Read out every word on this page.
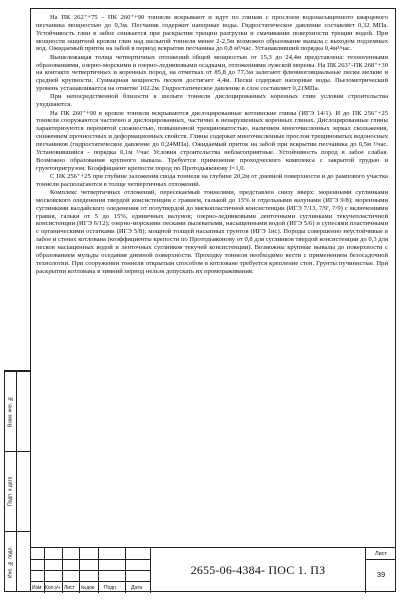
Взам. инв. №
Подп. и дата
Инв. № подл.

На ПК 262⁺+75 – ПК 260⁺+90 тоннели вскрывают и идут по глинам с прослоем водонасыщенного кварцевого песчаника мощностью до 0,3м. Песчаник содержит напорные воды. Гидростатическое давление составляет 0,32 МПа. Устойчивость глин в забое снижается при раскрытии трещин разгрузки и смачивании поверхности трещин водой. При мощности защитной кровли глин над шелыгой тоннеля менее 2-2,5м возможно образование вывала с выходом подземных вод. Ожидаемый приток на забой в период вскрытия песчаника до 0,8 м³/час. Устанавливший порядка 0,4м³/час.

Вышележащая толща четвертичных отложений общей мощностью от 15,3 до 24,4м представлена: техногенными образованиями, озерно-морскими и озерно-ледниковыми осадками, отложениями лужской морены. На ПК 263⁺-ПК 268⁺+30 на контакте четвертичных и коренных пород, на отметках от 85,8 до 77,3м залегают флювиогляциальные пески мелкие и средней крупности. Суммарная мощность песков достигает 4,4м. Пески содержат напорные воды. Пьезометрический уровень устанавливается на отметке 102.2м. Гидростатическое давление в слое составляет 0,21МПа.

При непосредственной близости к шелыге тоннеля дислоцированных коренных глин условия строительства ухудшаются.

На ПК 260⁺+90 в кровле тоннеля вскрываются дислоцированные котлинские глины (ИГЭ 14/1). И до ПК 256⁺+25 тоннели сооружаются частично в дислоцированных, частично в ненарушенных коренных глинах. Дислоцированные глины характеризуются перемятой сложностью, повышенной трещиноватостью, наличием многочисленных зеркал скольжения, снижением прочностных и деформационных свойств. Глины содержат многочисленные прослои трещиноватых водоносных песчаников (гидростатическое давление до 0,24МПа). Ожидаемый приток на забой при вскрытии песчаника до 0,5м ³/час. Установившийся - порядка 0,1м ³/час Условия строительства неблагоприятные. Устойчивость пород в забое слабая. Возможно образования крупного вывала. Требуется применение проходческого комплекса с закрытой грудью и грунтопригрузом. Коэффициент крепости пород по Протодьяконову f=1,0.

С ПК 256⁺+25 при глубине заложения свода тоннеля на глубине 20,2м от дневной поверхности и до рампового участка тоннели располагаются в толще четвертичных отложений.

Комплекс четвертичных отложений, пересекаемый тоннелями, представлен снизу вверх: моренными суглинками московского оледенения твердой консистенции с гравием, галькой до 15% и отдельными валунами (ИГЭ 9/8); моренными суглинками валдайского оледенения от полутвердой до мягкопластичной консистенции (ИГЭ 7/13, 7/9', 7/9) с включениями гравия, гальки от 5 до 15%, единичных валунов; озерно-ледниковыми ленточными суглинками текучепластичной консистенции (ИГЭ 6/12); озерно-морскими песками пылеватыми, насыщенными водой (ИГЭ 5/6) и супесями пластичными с органическими остатками (ИГЭ 5/8); мощной толщей насыпных грунтов (ИГЭ 1нс). Породы совершенно неустойчивые в забое и стенах котлована (коэффициенты крепости по Протодьяконову от 0,8 для суглинков твердой консистенции до 0,3 для песков насыщенных водой и ленточных суглинков текучей консистенции). Возможны крупные вывалы до поверхности с образованием мульды оседания дневной поверхности. Проходку тоннеля необходимо вести с применением безосадочной технологии. При сооружении тоннеля открытым способом в котловане требуется крепление стен. Грунты пучинистые. При раскрытии котлована в зимний период нельзя допускать их промораживания.

Изм Кол.уч Лист №док Подп.	Дата
2655-06-4384- ПОС 1. ПЗ
Лист
39
